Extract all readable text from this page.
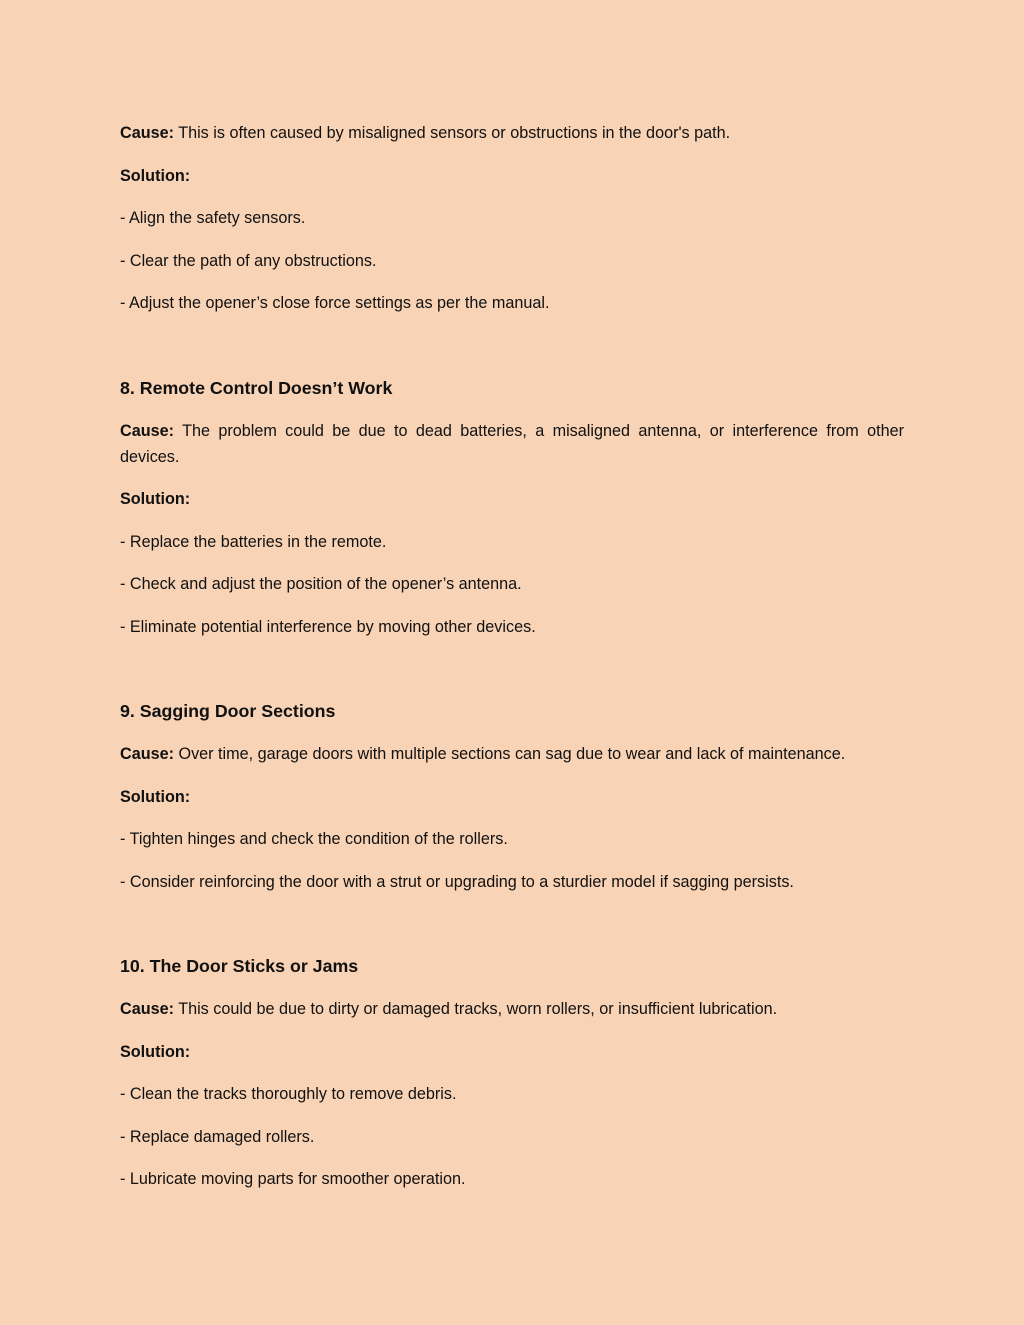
Cause: This is often caused by misaligned sensors or obstructions in the door's path.

Solution:

- Align the safety sensors.

- Clear the path of any obstructions.

- Adjust the opener’s close force settings as per the manual.

8. Remote Control Doesn’t Work

Cause: The problem could be due to dead batteries, a misaligned antenna, or interference from other devices.

Solution:

- Replace the batteries in the remote.

- Check and adjust the position of the opener’s antenna.

- Eliminate potential interference by moving other devices.

9. Sagging Door Sections

Cause: Over time, garage doors with multiple sections can sag due to wear and lack of maintenance.

Solution:

- Tighten hinges and check the condition of the rollers.

- Consider reinforcing the door with a strut or upgrading to a sturdier model if sagging persists.

10. The Door Sticks or Jams

Cause: This could be due to dirty or damaged tracks, worn rollers, or insufficient lubrication.

Solution:

- Clean the tracks thoroughly to remove debris.

- Replace damaged rollers.

- Lubricate moving parts for smoother operation.
